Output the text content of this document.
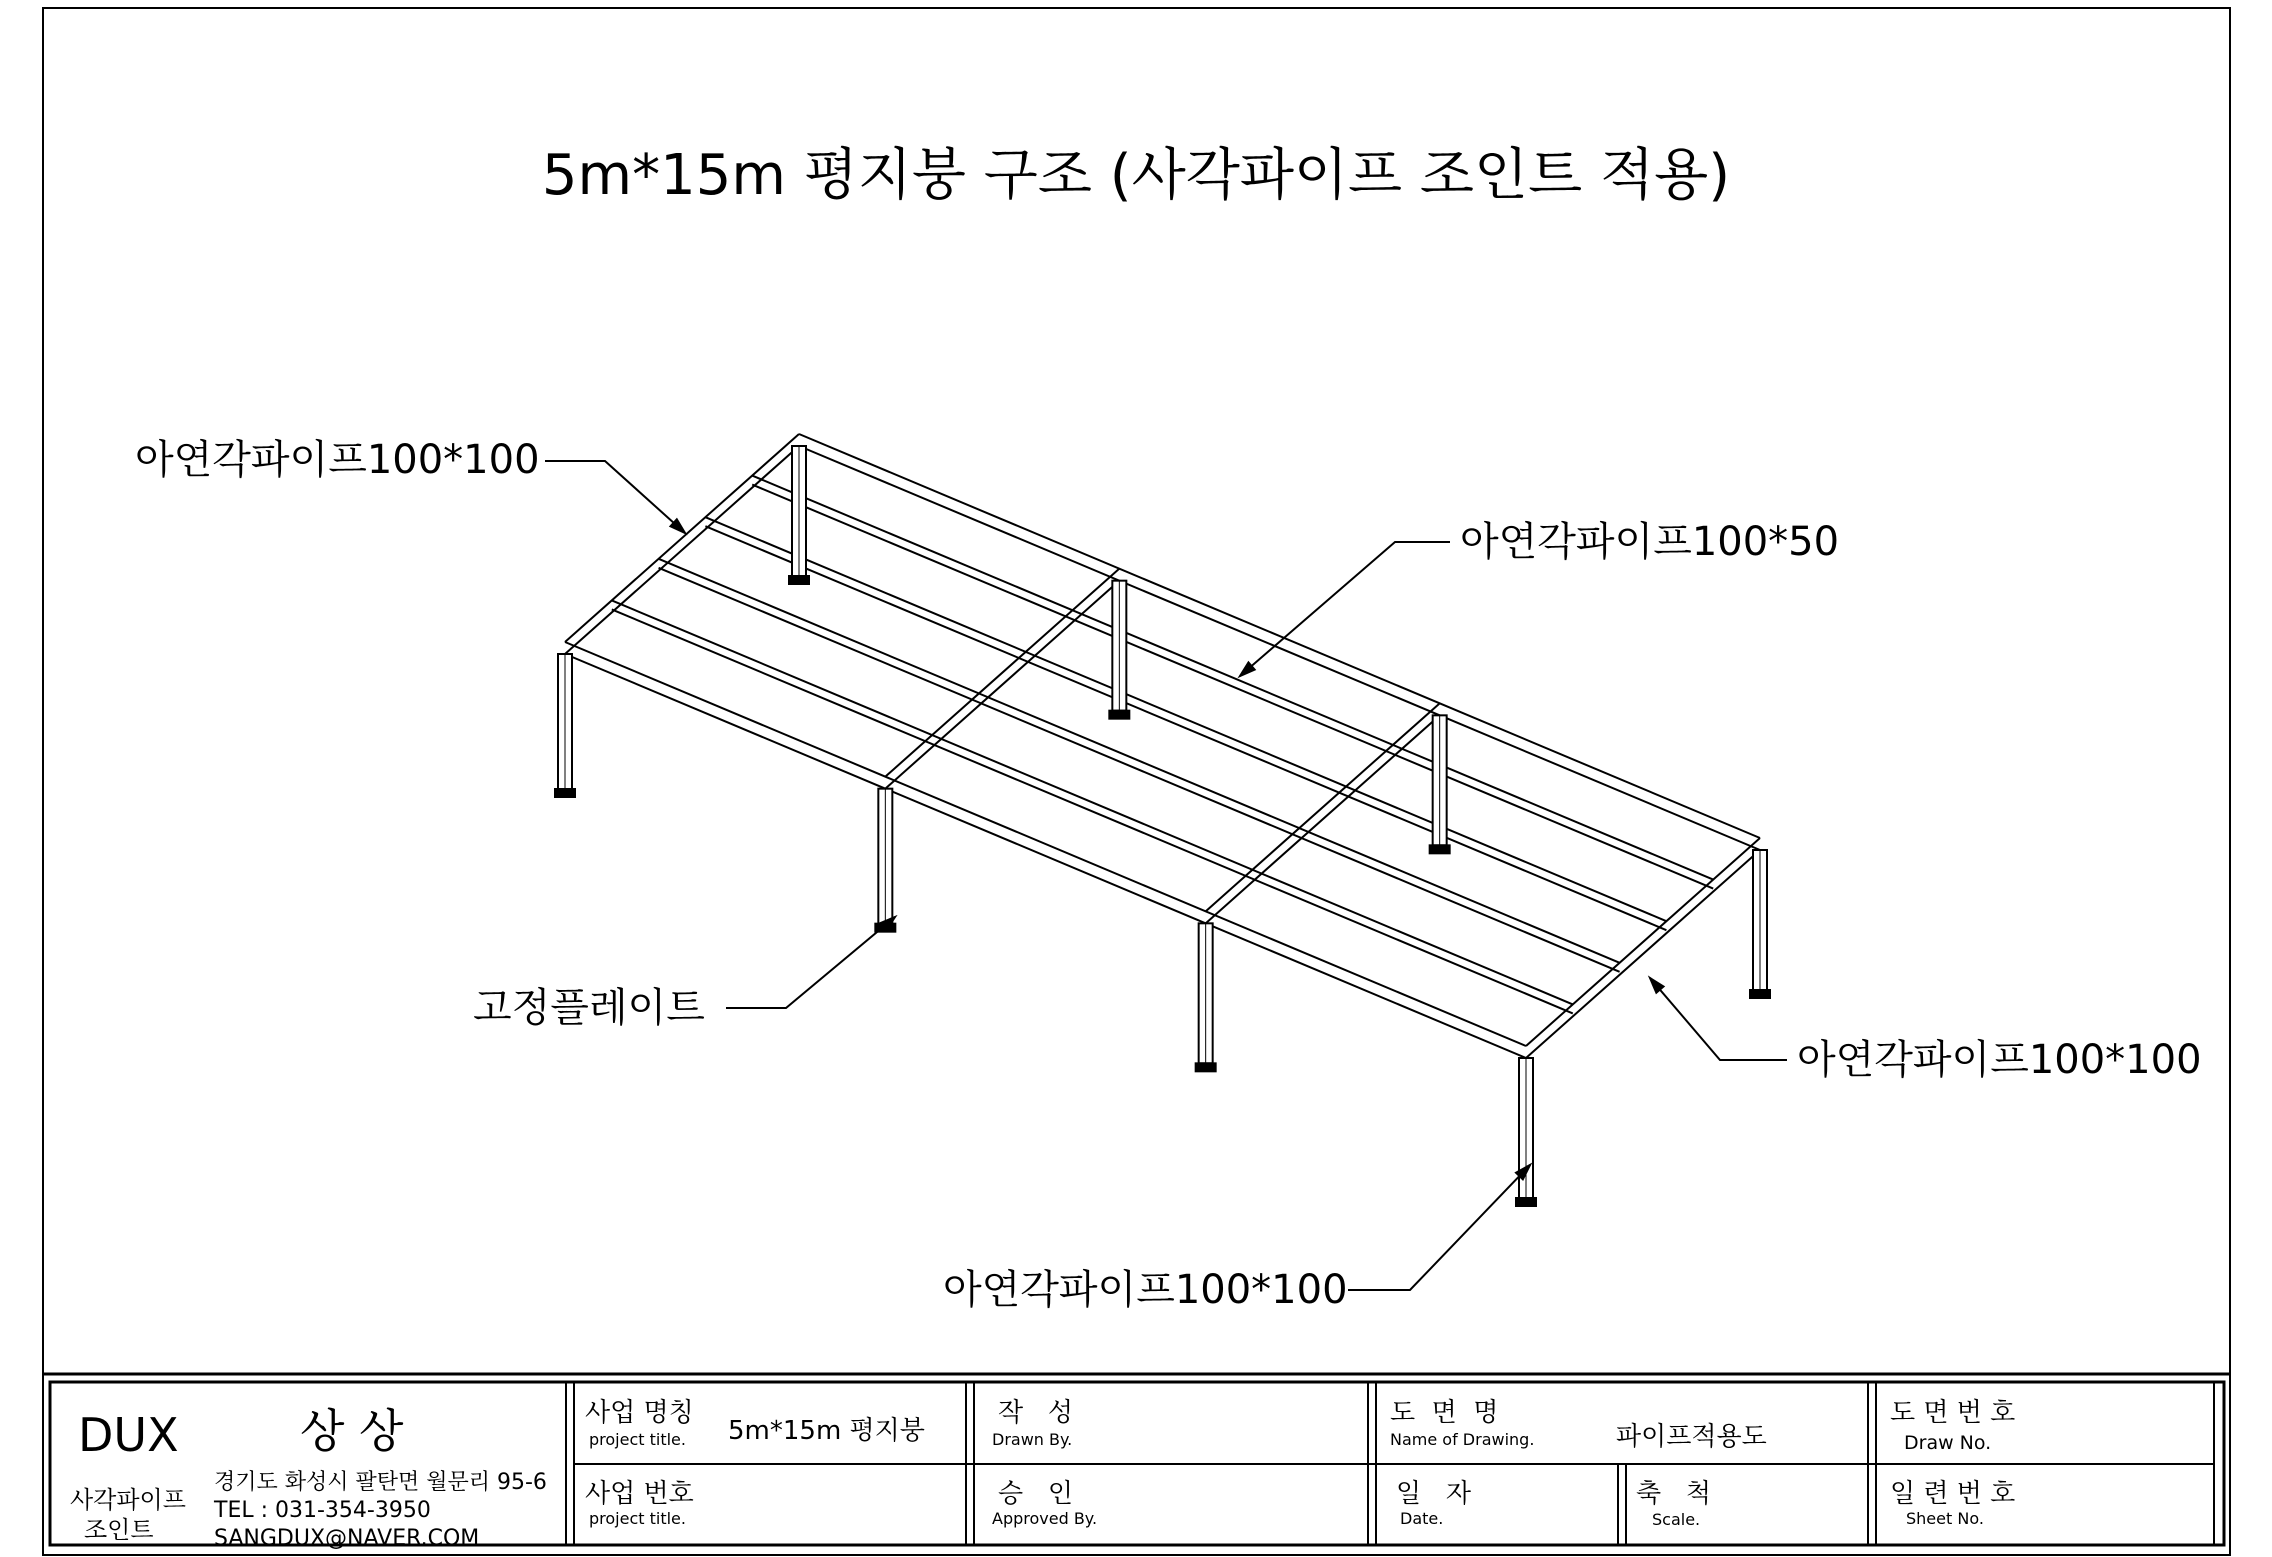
5m*15m 평지붕 구조 (사각파이프 조인트 적용)
아연각파이프100*100
아연각파이프100*50
아연각파이프100*100
고정플레이트
아연각파이프100*100
DUX	상 상
사각파이프
조인트
경기도 화성시 팔탄면 월문리 95-6
TEL : 031-354-3950
SANGDUX@NAVER.COM
사업 명칭
project title. 5m*15m 평지붕
사업 번호
project title.
작   성
Drawn By.
승   인
Approved By.
도  면  명
Name of Drawing.	파이프적용도
일   자
Date.
축   척
Scale.
도 면 번 호
Draw No.
일 련 번 호
Sheet No.
